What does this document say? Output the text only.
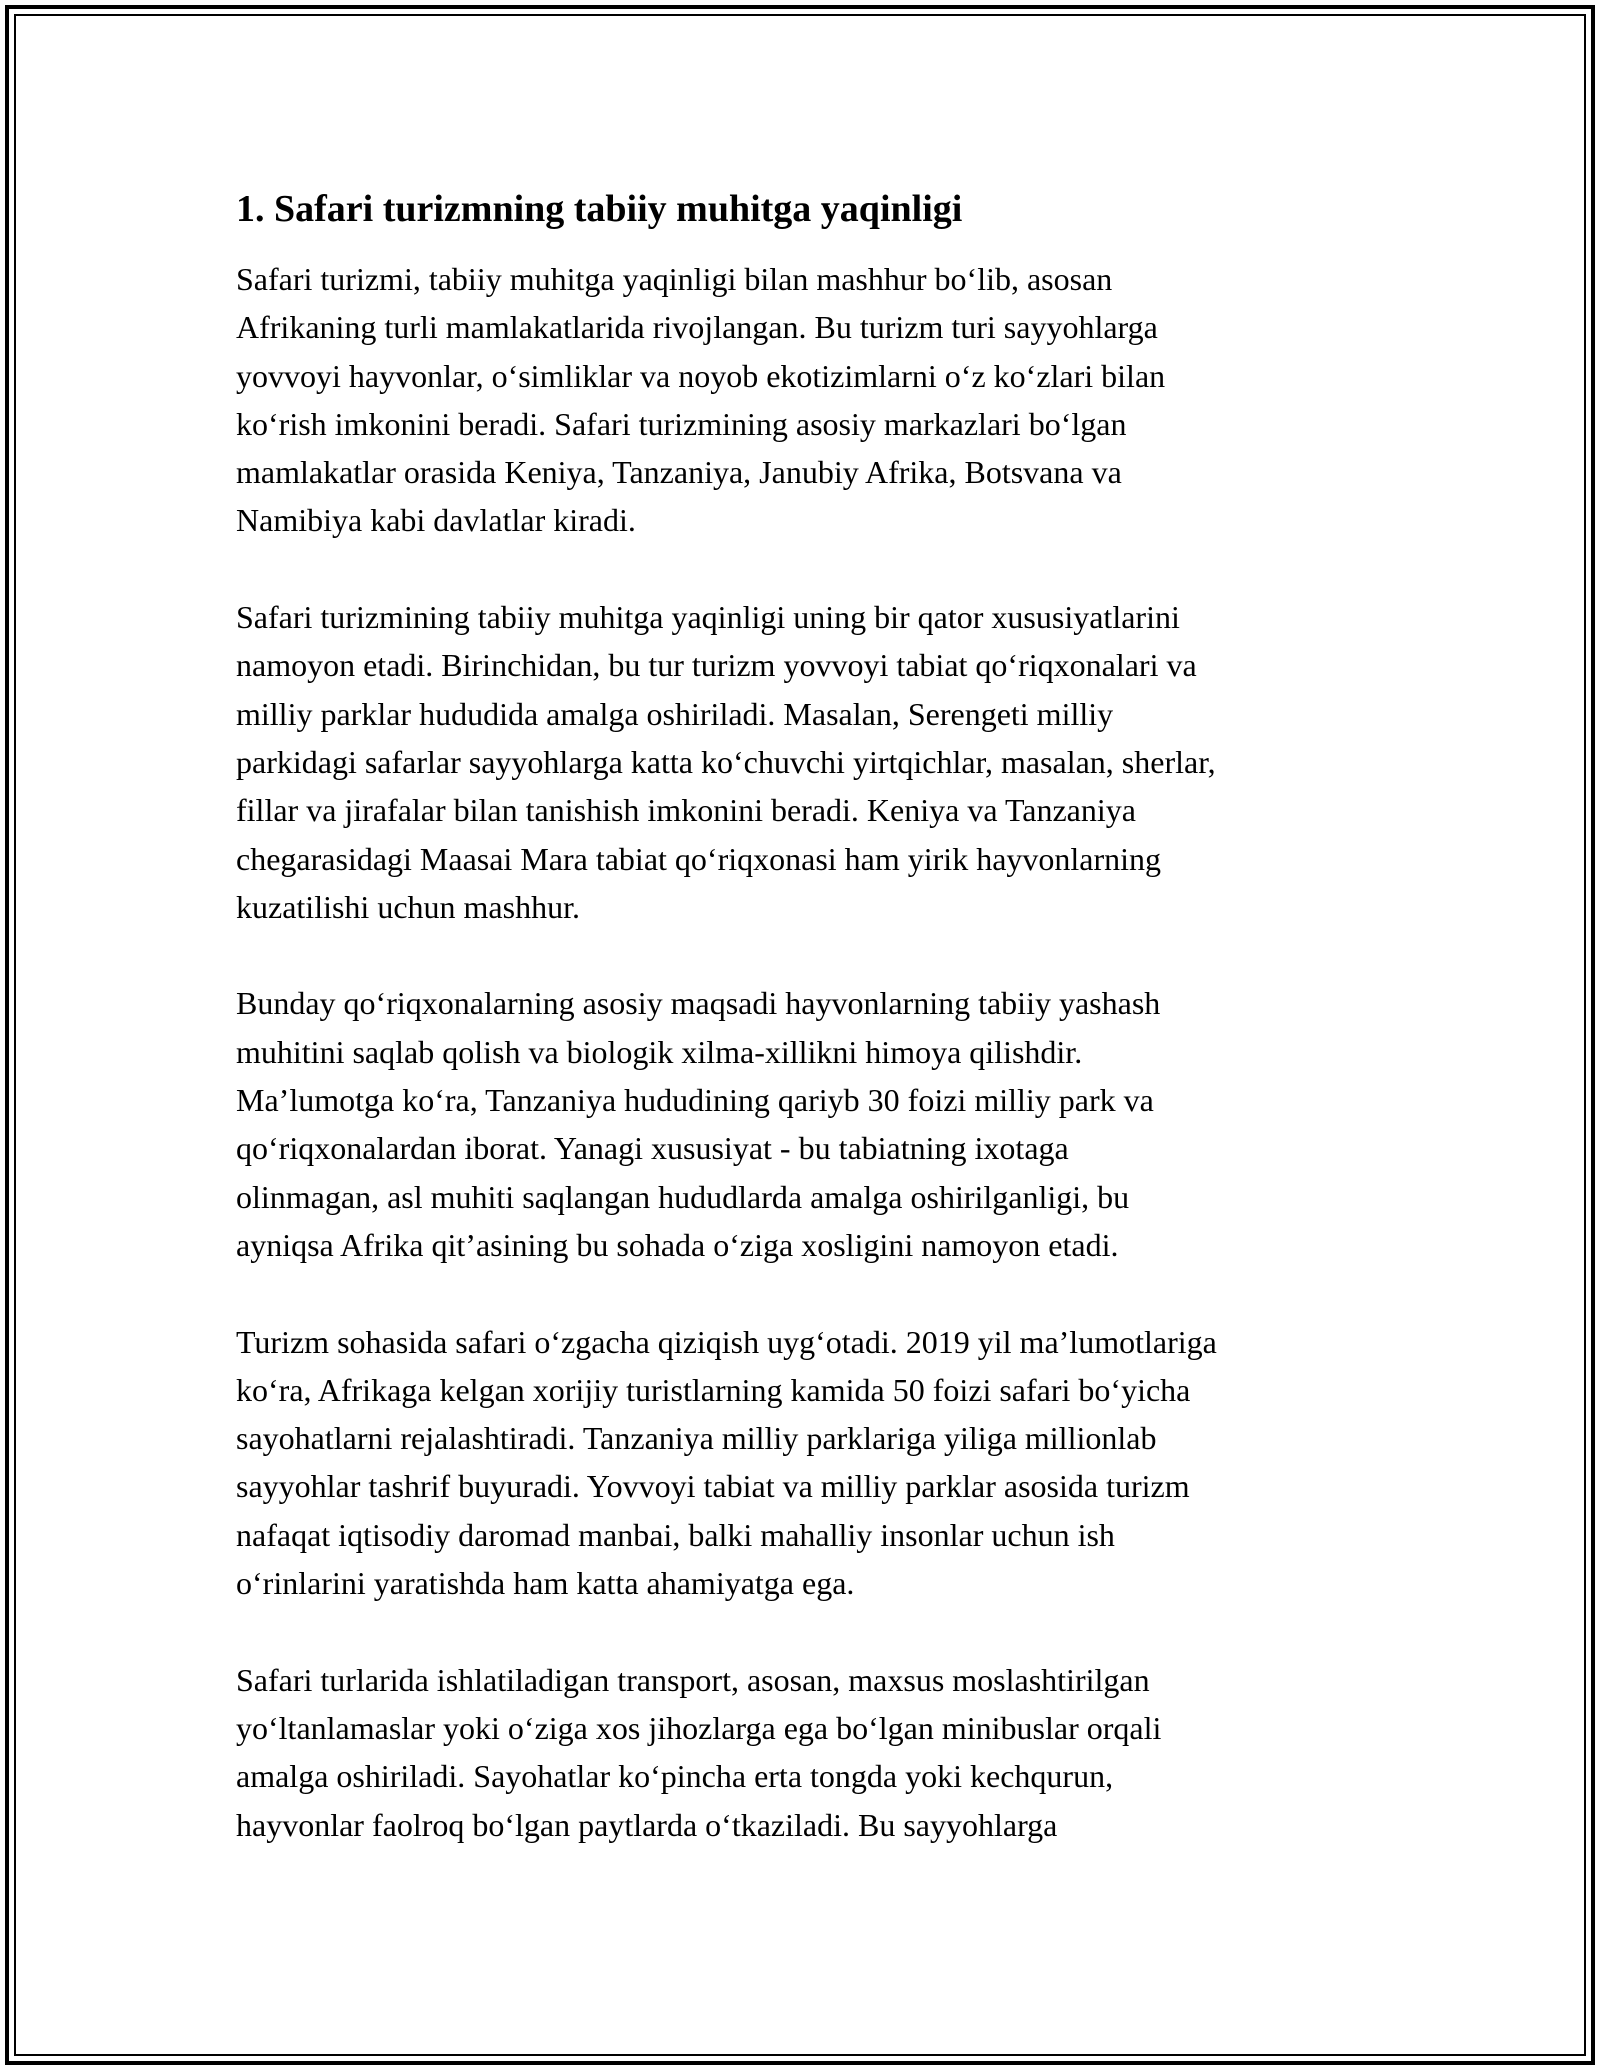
1. Safari turizmning tabiiy muhitga yaqinligi

Safari turizmi, tabiiy muhitga yaqinligi bilan mashhur bo‘lib, asosan
Afrikaning turli mamlakatlarida rivojlangan. Bu turizm turi sayyohlarga
yovvoyi hayvonlar, o‘simliklar va noyob ekotizimlarni o‘z ko‘zlari bilan
ko‘rish imkonini beradi. Safari turizmining asosiy markazlari bo‘lgan
mamlakatlar orasida Keniya, Tanzaniya, Janubiy Afrika, Botsvana va
Namibiya kabi davlatlar kiradi.

Safari turizmining tabiiy muhitga yaqinligi uning bir qator xususiyatlarini
namoyon etadi. Birinchidan, bu tur turizm yovvoyi tabiat qo‘riqxonalari va
milliy parklar hududida amalga oshiriladi. Masalan, Serengeti milliy
parkidagi safarlar sayyohlarga katta ko‘chuvchi yirtqichlar, masalan, sherlar,
fillar va jirafalar bilan tanishish imkonini beradi. Keniya va Tanzaniya
chegarasidagi Maasai Mara tabiat qo‘riqxonasi ham yirik hayvonlarning
kuzatilishi uchun mashhur.

Bunday qo‘riqxonalarning asosiy maqsadi hayvonlarning tabiiy yashash
muhitini saqlab qolish va biologik xilma-xillikni himoya qilishdir.
Ma’lumotga ko‘ra, Tanzaniya hududining qariyb 30 foizi milliy park va
qo‘riqxonalardan iborat. Yanagi xususiyat - bu tabiatning ixotaga
olinmagan, asl muhiti saqlangan hududlarda amalga oshirilganligi, bu
ayniqsa Afrika qit’asining bu sohada o‘ziga xosligini namoyon etadi.

Turizm sohasida safari o‘zgacha qiziqish uyg‘otadi. 2019 yil ma’lumotlariga
ko‘ra, Afrikaga kelgan xorijiy turistlarning kamida 50 foizi safari bo‘yicha
sayohatlarni rejalashtiradi. Tanzaniya milliy parklariga yiliga millionlab
sayyohlar tashrif buyuradi. Yovvoyi tabiat va milliy parklar asosida turizm
nafaqat iqtisodiy daromad manbai, balki mahalliy insonlar uchun ish
o‘rinlarini yaratishda ham katta ahamiyatga ega.

Safari turlarida ishlatiladigan transport, asosan, maxsus moslashtirilgan
yo‘ltanlamaslar yoki o‘ziga xos jihozlarga ega bo‘lgan minibuslar orqali
amalga oshiriladi. Sayohatlar ko‘pincha erta tongda yoki kechqurun,
hayvonlar faolroq bo‘lgan paytlarda o‘tkaziladi. Bu sayyohlarga
